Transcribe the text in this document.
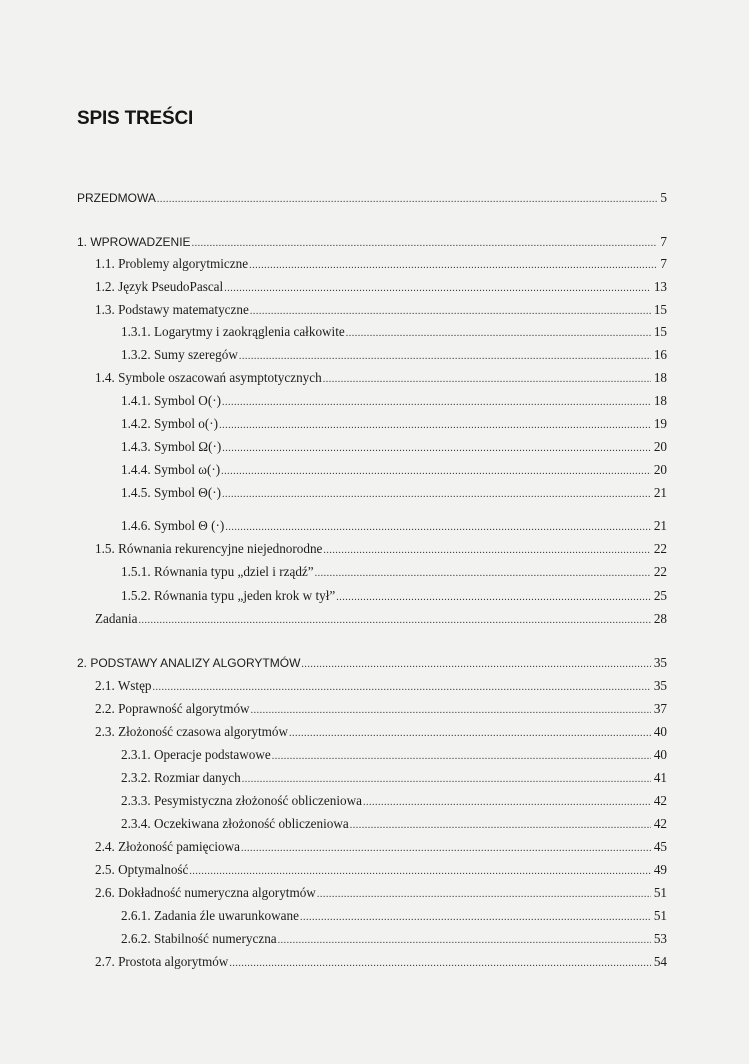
SPIS TREŚCI
PRZEDMOWA .....	5
1. WPROWADZENIE .....	7
1.1. Problemy algorytmiczne .....	7
1.2. Język PseudoPascal .....	13
1.3. Podstawy matematyczne .....	15
1.3.1. Logarytmy i zaokrąglenia całkowite .....	15
1.3.2. Sumy szeregów .....	16
1.4. Symbole oszacowań asymptotycznych .....	18
1.4.1. Symbol O(·) .....	18
1.4.2. Symbol o(·) .....	19
1.4.3. Symbol Ω(·) .....	20
1.4.4. Symbol ω(·) .....	20
1.4.5. Symbol Θ(·) .....	21
1.4.6. Symbol Θ (·) .....	21
1.5. Równania rekurencyjne niejednorodne .....	22
1.5.1. Równania typu „dziel i rządź” .....	22
1.5.2. Równania typu „jeden krok w tył” .....	25
Zadania .....	28
2. PODSTAWY ANALIZY ALGORYTMÓW .....	35
2.1. Wstęp .....	35
2.2. Poprawność algorytmów .....	37
2.3. Złożoność czasowa algorytmów .....	40
2.3.1. Operacje podstawowe .....	40
2.3.2. Rozmiar danych .....	41
2.3.3. Pesymistyczna złożoność obliczeniowa .....	42
2.3.4. Oczekiwana złożoność obliczeniowa .....	42
2.4. Złożoność pamięciowa .....	45
2.5. Optymalność .....	49
2.6. Dokładność numeryczna algorytmów .....	51
2.6.1. Zadania źle uwarunkowane .....	51
2.6.2. Stabilność numeryczna .....	53
2.7. Prostota algorytmów .....	54
